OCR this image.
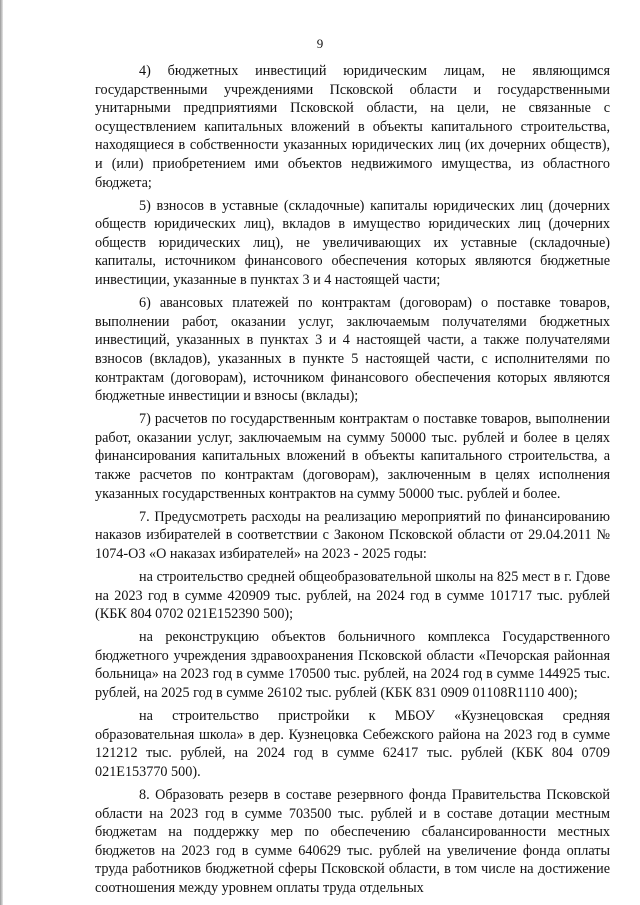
9

4) бюджетных инвестиций юридическим лицам, не являющимся государственными учреждениями Псковской области и государственными унитарными предприятиями Псковской области, на цели, не связанные с осуществлением капитальных вложений в объекты капитального строительства, находящиеся в собственности указанных юридических лиц (их дочерних обществ), и (или) приобретением ими объектов недвижимого имущества, из областного бюджета;

5) взносов в уставные (складочные) капиталы юридических лиц (дочерних обществ юридических лиц), вкладов в имущество юридических лиц (дочерних обществ юридических лиц), не увеличивающих их уставные (складочные) капиталы, источником финансового обеспечения которых являются бюджетные инвестиции, указанные в пунктах 3 и 4 настоящей части;

6) авансовых платежей по контрактам (договорам) о поставке товаров, выполнении работ, оказании услуг, заключаемым получателями бюджетных инвестиций, указанных в пунктах 3 и 4 настоящей части, а также получателями взносов (вкладов), указанных в пункте 5 настоящей части, с исполнителями по контрактам (договорам), источником финансового обеспечения которых являются бюджетные инвестиции и взносы (вклады);

7) расчетов по государственным контрактам о поставке товаров, выполнении работ, оказании услуг, заключаемым на сумму 50000 тыс. рублей и более в целях финансирования капитальных вложений в объекты капитального строительства, а также расчетов по контрактам (договорам), заключенным в целях исполнения указанных государственных контрактов на сумму 50000 тыс. рублей и более.

7. Предусмотреть расходы на реализацию мероприятий по финансированию наказов избирателей в соответствии с Законом Псковской области от 29.04.2011 № 1074-ОЗ «О наказах избирателей» на 2023 - 2025 годы:

на строительство средней общеобразовательной школы на 825 мест в г. Гдове на 2023 год в сумме 420909 тыс. рублей, на 2024 год в сумме 101717 тыс. рублей (КБК 804 0702 021Е152390 500);

на реконструкцию объектов больничного комплекса Государственного бюджетного учреждения здравоохранения Псковской области «Печорская районная больница» на 2023 год в сумме 170500 тыс. рублей, на 2024 год в сумме 144925 тыс. рублей, на 2025 год в сумме 26102 тыс. рублей (КБК 831 0909 01108R1110 400);

на строительство пристройки к МБОУ «Кузнецовская средняя образовательная школа» в дер. Кузнецовка Себежского района на 2023 год в сумме 121212 тыс. рублей, на 2024 год в сумме 62417 тыс. рублей (КБК 804 0709 021Е153770 500).

8. Образовать резерв в составе резервного фонда Правительства Псковской области на 2023 год в сумме 703500 тыс. рублей и в составе дотации местным бюджетам на поддержку мер по обеспечению сбалансированности местных бюджетов на 2023 год в сумме 640629 тыс. рублей на увеличение фонда оплаты труда работников бюджетной сферы Псковской области, в том числе на достижение соотношения между уровнем оплаты труда отдельных
